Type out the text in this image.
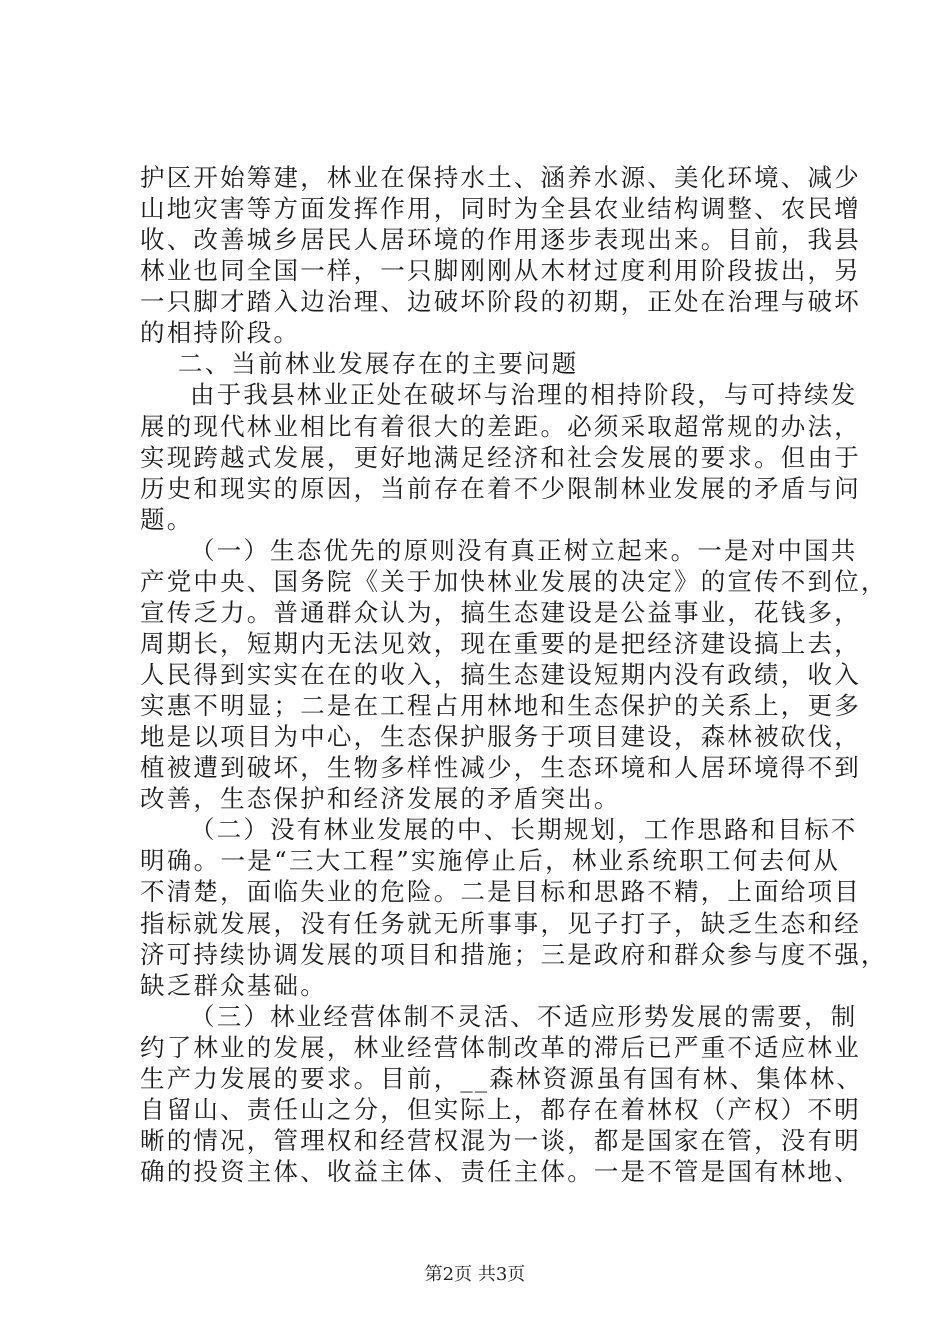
护区开始筹建，林业在保持水土、涵养水源、美化环境、减少
山地灾害等方面发挥作用，同时为全县农业结构调整、农民增
收、改善城乡居民人居环境的作用逐步表现出来。目前，我县
林业也同全国一样，一只脚刚刚从木材过度利用阶段拔出，另
一只脚才踏入边治理、边破坏阶段的初期，正处在治理与破坏
的相持阶段。
二、当前林业发展存在的主要问题
由于我县林业正处在破坏与治理的相持阶段，与可持续发
展的现代林业相比有着很大的差距。必须采取超常规的办法，
实现跨越式发展，更好地满足经济和社会发展的要求。但由于
历史和现实的原因，当前存在着不少限制林业发展的矛盾与问
题。
（一）生态优先的原则没有真正树立起来。一是对中国共
产党中央、国务院《关于加快林业发展的决定》的宣传不到位，
宣传乏力。普通群众认为，搞生态建设是公益事业，花钱多，
周期长，短期内无法见效，现在重要的是把经济建设搞上去，
人民得到实实在在的收入，搞生态建设短期内没有政绩，收入
实惠不明显；二是在工程占用林地和生态保护的关系上，更多
地是以项目为中心，生态保护服务于项目建设，森林被砍伐，
植被遭到破坏，生物多样性减少，生态环境和人居环境得不到
改善，生态保护和经济发展的矛盾突出。
（二）没有林业发展的中、长期规划，工作思路和目标不
明确。一是“三大工程”实施停止后，林业系统职工何去何从
不清楚，面临失业的危险。二是目标和思路不精，上面给项目
指标就发展，没有任务就无所事事，见子打子，缺乏生态和经
济可持续协调发展的项目和措施；三是政府和群众参与度不强，
缺乏群众基础。
（三）林业经营体制不灵活、不适应形势发展的需要，制
约了林业的发展，林业经营体制改革的滞后已严重不适应林业
生产力发展的要求。目前，__森林资源虽有国有林、集体林、
自留山、责任山之分，但实际上，都存在着林权（产权）不明
晰的情况，管理权和经营权混为一谈，都是国家在管，没有明
确的投资主体、收益主体、责任主体。一是不管是国有林地、
第2页 共3页
